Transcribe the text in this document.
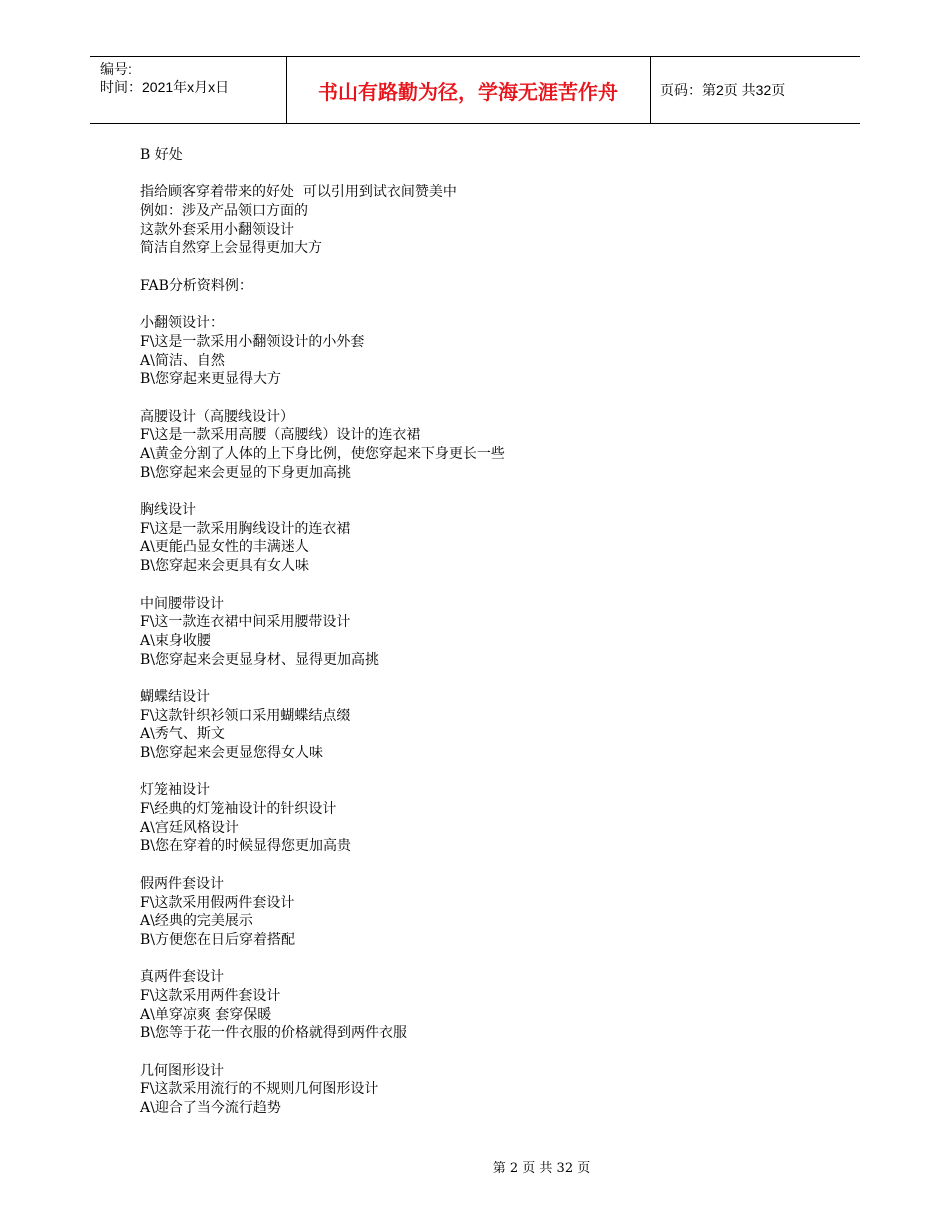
编号:
时间：2021年x月x日	书山有路勤为径，学海无涯苦作舟	页码：第2页 共32页
B 好处
指给顾客穿着带来的好处  可以引用到试衣间赞美中
例如：涉及产品领口方面的
这款外套采用小翻领设计
简洁自然穿上会显得更加大方
FAB分析资料例：
小翻领设计：
F\这是一款采用小翻领设计的小外套
A\简洁、自然
B\您穿起来更显得大方
高腰设计（高腰线设计）
F\这是一款采用高腰（高腰线）设计的连衣裙
A\黄金分割了人体的上下身比例，使您穿起来下身更长一些
B\您穿起来会更显的下身更加高挑
胸线设计
F\这是一款采用胸线设计的连衣裙
A\更能凸显女性的丰满迷人
B\您穿起来会更具有女人味
中间腰带设计
F\这一款连衣裙中间采用腰带设计
A\束身收腰
B\您穿起来会更显身材、显得更加高挑
蝴蝶结设计
F\这款针织衫领口采用蝴蝶结点缀
A\秀气、斯文
B\您穿起来会更显您得女人味
灯笼袖设计
F\经典的灯笼袖设计的针织设计
A\宫廷风格设计
B\您在穿着的时候显得您更加高贵
假两件套设计
F\这款采用假两件套设计
A\经典的完美展示
B\方便您在日后穿着搭配
真两件套设计
F\这款采用两件套设计
A\单穿凉爽 套穿保暖
B\您等于花一件衣服的价格就得到两件衣服
几何图形设计
F\这款采用流行的不规则几何图形设计
A\迎合了当今流行趋势
第 2 页 共 32 页
